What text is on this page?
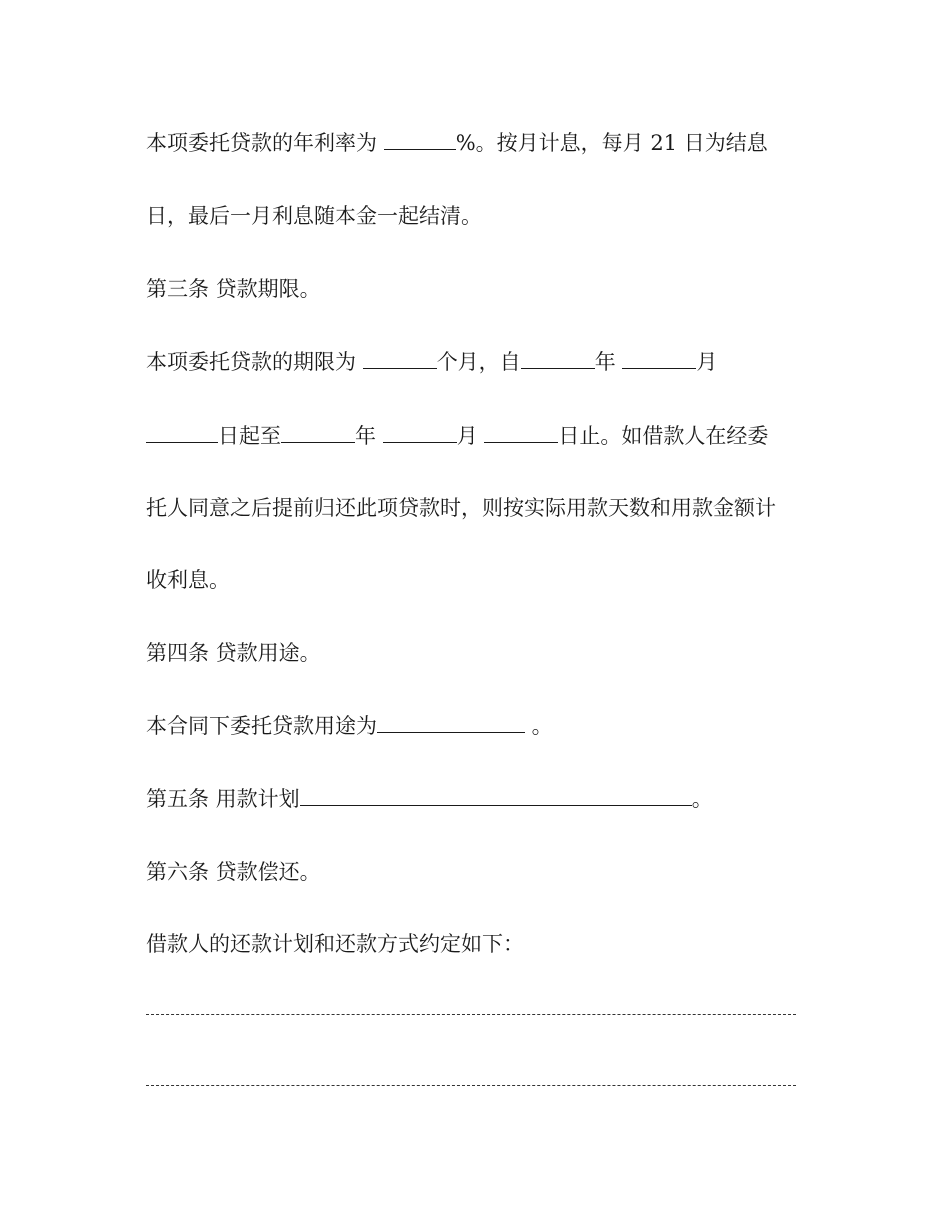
本项委托贷款的年利率为	%。按月计息，每月 21 日为结息
日，最后一月利息随本金一起结清。
第三条 贷款期限。
本项委托贷款的期限为	个月，自	年	月
日起至	年	月	日止。如借款人在经委
托人同意之后提前归还此项贷款时，则按实际用款天数和用款金额计
收利息。
第四条 贷款用途。
本合同下委托贷款用途为	。
第五条 用款计划	。
第六条 贷款偿还。
借款人的还款计划和还款方式约定如下：
